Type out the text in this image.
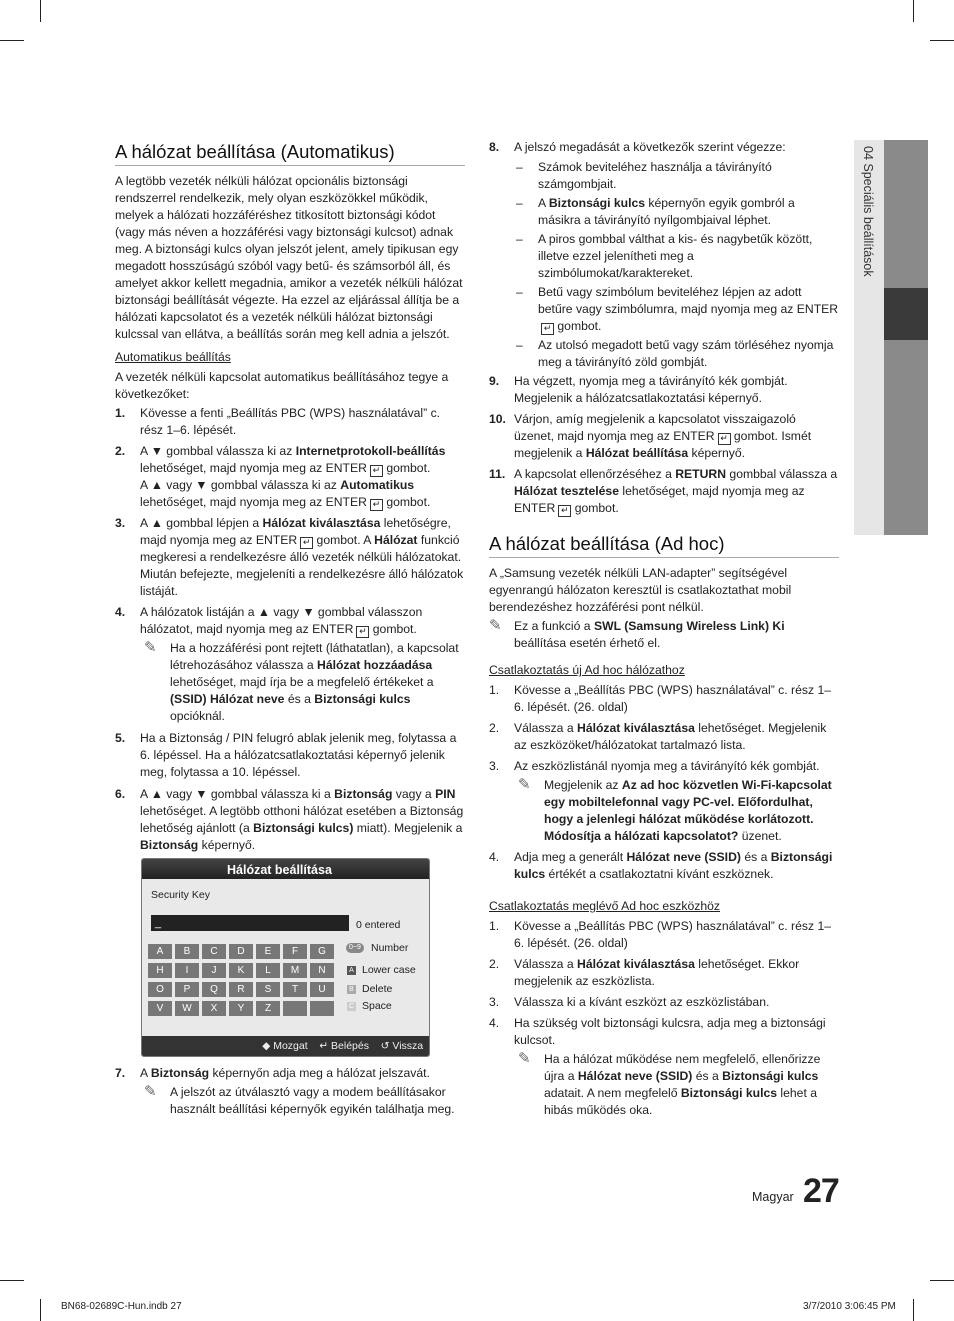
04 Speciális beállítások
A hálózat beállítása (Automatikus)

A legtöbb vezeték nélküli hálózat opcionális biztonsági rendszerrel rendelkezik, mely olyan eszközökkel működik, melyek a hálózati hozzáféréshez titkosított biztonsági kódot (vagy más néven a hozzáférési vagy biztonsági kulcsot) adnak meg. A biztonsági kulcs olyan jelszót jelent, amely tipikusan egy megadott hosszúságú szóból vagy betű- és számsorból áll, és amelyet akkor kellett megadnia, amikor a vezeték nélküli hálózat biztonsági beállítását végezte. Ha ezzel az eljárással állítja be a hálózati kapcsolatot és a vezeték nélküli hálózat biztonsági kulcssal van ellátva, a beállítás során meg kell adnia a jelszót.

Automatikus beállítás

A vezeték nélküli kapcsolat automatikus beállításához tegye a következőket:

1. Kövesse a fenti „Beállítás PBC (WPS) használatával” c. rész 1–6. lépését.
2. A ▼ gombbal válassza ki az Internetprotokoll-beállítás lehetőséget, majd nyomja meg az ENTER ↵ gombot.
A ▲ vagy ▼ gombbal válassza ki az Automatikus lehetőséget, majd nyomja meg az ENTER ↵ gombot.
3. A ▲ gombbal lépjen a Hálózat kiválasztása lehetőségre, majd nyomja meg az ENTER ↵ gombot. A Hálózat funkció megkeresi a rendelkezésre álló vezeték nélküli hálózatokat. Miután befejezte, megjeleníti a rendelkezésre álló hálózatok listáját.
4. A hálózatok listáján a ▲ vagy ▼ gombbal válasszon hálózatot, majd nyomja meg az ENTER ↵ gombot.
✎ Ha a hozzáférési pont rejtett (láthatatlan), a kapcsolat létrehozásához válassza a Hálózat hozzáadása lehetőséget, majd írja be a megfelelő értékeket a (SSID) Hálózat neve és a Biztonsági kulcs opcióknál.
5. Ha a Biztonság / PIN felugró ablak jelenik meg, folytassa a 6. lépéssel. Ha a hálózatcsatlakoztatási képernyő jelenik meg, folytassa a 10. lépéssel.
6. A ▲ vagy ▼ gombbal válassza ki a Biztonság vagy a PIN lehetőséget. A legtöbb otthoni hálózat esetében a Biztonság lehetőség ajánlott (a Biztonsági kulcs) miatt). Megjelenik a Biztonság képernyő.
Hálózat beállítása
Security Key
_	0 entered
A	B	C	D	E	F	G
H	I	J	K	L	M	N
O	P	Q	R	S	T	U
V	W	X	Y	Z
0~9 Number
A Lower case
B Delete
C Space
◆ Mozgat ↵ Belépés ↺ Vissza
7. A Biztonság képernyőn adja meg a hálózat jelszavát.
✎ A jelszót az útválasztó vagy a modem beállításakor használt beállítási képernyők egyikén találhatja meg.
8. A jelszó megadását a következők szerint végezze:
– Számok beviteléhez használja a távirányító számgombjait.
– A Biztonsági kulcs képernyőn egyik gombról a másikra a távirányító nyílgombjaival léphet.
– A piros gombbal válthat a kis- és nagybetűk között, illetve ezzel jelenítheti meg a szimbólumokat/karaktereket.
– Betű vagy szimbólum beviteléhez lépjen az adott betűre vagy szimbólumra, majd nyomja meg az ENTER↵ gombot.
– Az utolsó megadott betű vagy szám törléséhez nyomja meg a távirányító zöld gombját.
9. Ha végzett, nyomja meg a távirányító kék gombját. Megjelenik a hálózatcsatlakoztatási képernyő.
10. Várjon, amíg megjelenik a kapcsolatot visszaigazoló üzenet, majd nyomja meg az ENTER ↵ gombot. Ismét megjelenik a Hálózat beállítása képernyő.
11. A kapcsolat ellenőrzéséhez a RETURN gombbal válassza a Hálózat tesztelése lehetőséget, majd nyomja meg az ENTER ↵ gombot.
A hálózat beállítása (Ad hoc)

A „Samsung vezeték nélküli LAN-adapter” segítségével egyenrangú hálózaton keresztül is csatlakoztathat mobil berendezéshez hozzáférési pont nélkül.

✎ Ez a funkció a SWL (Samsung Wireless Link) Ki beállítása esetén érhető el.

Csatlakoztatás új Ad hoc hálózathoz

1. Kövesse a „Beállítás PBC (WPS) használatával” c. rész 1–6. lépését. (26. oldal)
2. Válassza a Hálózat kiválasztása lehetőséget. Megjelenik az eszközöket/hálózatokat tartalmazó lista.
3. Az eszközlistánál nyomja meg a távirányító kék gombját.
✎ Megjelenik az Az ad hoc közvetlen Wi-Fi-kapcsolat egy mobiltelefonnal vagy PC-vel. Előfordulhat, hogy a jelenlegi hálózat működése korlátozott. Módosítja a hálózati kapcsolatot? üzenet.
4. Adja meg a generált Hálózat neve (SSID) és a Biztonsági kulcs értékét a csatlakoztatni kívánt eszköznek.

Csatlakoztatás meglévő Ad hoc eszközhöz

1. Kövesse a „Beállítás PBC (WPS) használatával” c. rész 1–6. lépését. (26. oldal)
2. Válassza a Hálózat kiválasztása lehetőséget. Ekkor megjelenik az eszközlista.
3. Válassza ki a kívánt eszközt az eszközlistában.
4. Ha szükség volt biztonsági kulcsra, adja meg a biztonsági kulcsot.
✎ Ha a hálózat működése nem megfelelő, ellenőrizze újra a Hálózat neve (SSID) és a Biztonsági kulcs adatait. A nem megfelelő Biztonsági kulcs lehet a hibás működés oka.
Magyar 27
BN68-02689C-Hun.indb 27	3/7/2010 3:06:45 PM
